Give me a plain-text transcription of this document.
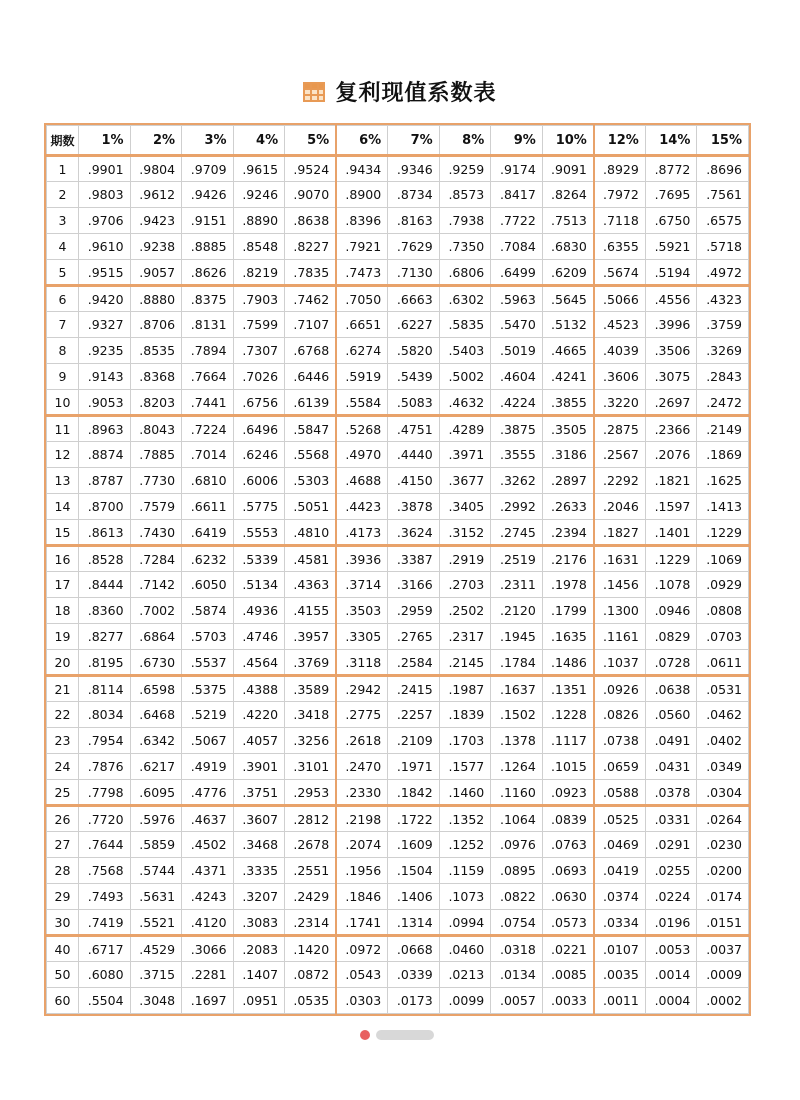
复利现值系数表
期数	1%	2%	3%	4%	5%	6%	7%	8%	9%	10%	12%	14%	15%
1	.9901	.9804	.9709	.9615	.9524	.9434	.9346	.9259	.9174	.9091	.8929	.8772	.8696
2	.9803	.9612	.9426	.9246	.9070	.8900	.8734	.8573	.8417	.8264	.7972	.7695	.7561
3	.9706	.9423	.9151	.8890	.8638	.8396	.8163	.7938	.7722	.7513	.7118	.6750	.6575
4	.9610	.9238	.8885	.8548	.8227	.7921	.7629	.7350	.7084	.6830	.6355	.5921	.5718
5	.9515	.9057	.8626	.8219	.7835	.7473	.7130	.6806	.6499	.6209	.5674	.5194	.4972
6	.9420	.8880	.8375	.7903	.7462	.7050	.6663	.6302	.5963	.5645	.5066	.4556	.4323
7	.9327	.8706	.8131	.7599	.7107	.6651	.6227	.5835	.5470	.5132	.4523	.3996	.3759
8	.9235	.8535	.7894	.7307	.6768	.6274	.5820	.5403	.5019	.4665	.4039	.3506	.3269
9	.9143	.8368	.7664	.7026	.6446	.5919	.5439	.5002	.4604	.4241	.3606	.3075	.2843
10	.9053	.8203	.7441	.6756	.6139	.5584	.5083	.4632	.4224	.3855	.3220	.2697	.2472
11	.8963	.8043	.7224	.6496	.5847	.5268	.4751	.4289	.3875	.3505	.2875	.2366	.2149
12	.8874	.7885	.7014	.6246	.5568	.4970	.4440	.3971	.3555	.3186	.2567	.2076	.1869
13	.8787	.7730	.6810	.6006	.5303	.4688	.4150	.3677	.3262	.2897	.2292	.1821	.1625
14	.8700	.7579	.6611	.5775	.5051	.4423	.3878	.3405	.2992	.2633	.2046	.1597	.1413
15	.8613	.7430	.6419	.5553	.4810	.4173	.3624	.3152	.2745	.2394	.1827	.1401	.1229
16	.8528	.7284	.6232	.5339	.4581	.3936	.3387	.2919	.2519	.2176	.1631	.1229	.1069
17	.8444	.7142	.6050	.5134	.4363	.3714	.3166	.2703	.2311	.1978	.1456	.1078	.0929
18	.8360	.7002	.5874	.4936	.4155	.3503	.2959	.2502	.2120	.1799	.1300	.0946	.0808
19	.8277	.6864	.5703	.4746	.3957	.3305	.2765	.2317	.1945	.1635	.1161	.0829	.0703
20	.8195	.6730	.5537	.4564	.3769	.3118	.2584	.2145	.1784	.1486	.1037	.0728	.0611
21	.8114	.6598	.5375	.4388	.3589	.2942	.2415	.1987	.1637	.1351	.0926	.0638	.0531
22	.8034	.6468	.5219	.4220	.3418	.2775	.2257	.1839	.1502	.1228	.0826	.0560	.0462
23	.7954	.6342	.5067	.4057	.3256	.2618	.2109	.1703	.1378	.1117	.0738	.0491	.0402
24	.7876	.6217	.4919	.3901	.3101	.2470	.1971	.1577	.1264	.1015	.0659	.0431	.0349
25	.7798	.6095	.4776	.3751	.2953	.2330	.1842	.1460	.1160	.0923	.0588	.0378	.0304
26	.7720	.5976	.4637	.3607	.2812	.2198	.1722	.1352	.1064	.0839	.0525	.0331	.0264
27	.7644	.5859	.4502	.3468	.2678	.2074	.1609	.1252	.0976	.0763	.0469	.0291	.0230
28	.7568	.5744	.4371	.3335	.2551	.1956	.1504	.1159	.0895	.0693	.0419	.0255	.0200
29	.7493	.5631	.4243	.3207	.2429	.1846	.1406	.1073	.0822	.0630	.0374	.0224	.0174
30	.7419	.5521	.4120	.3083	.2314	.1741	.1314	.0994	.0754	.0573	.0334	.0196	.0151
40	.6717	.4529	.3066	.2083	.1420	.0972	.0668	.0460	.0318	.0221	.0107	.0053	.0037
50	.6080	.3715	.2281	.1407	.0872	.0543	.0339	.0213	.0134	.0085	.0035	.0014	.0009
60	.5504	.3048	.1697	.0951	.0535	.0303	.0173	.0099	.0057	.0033	.0011	.0004	.0002
